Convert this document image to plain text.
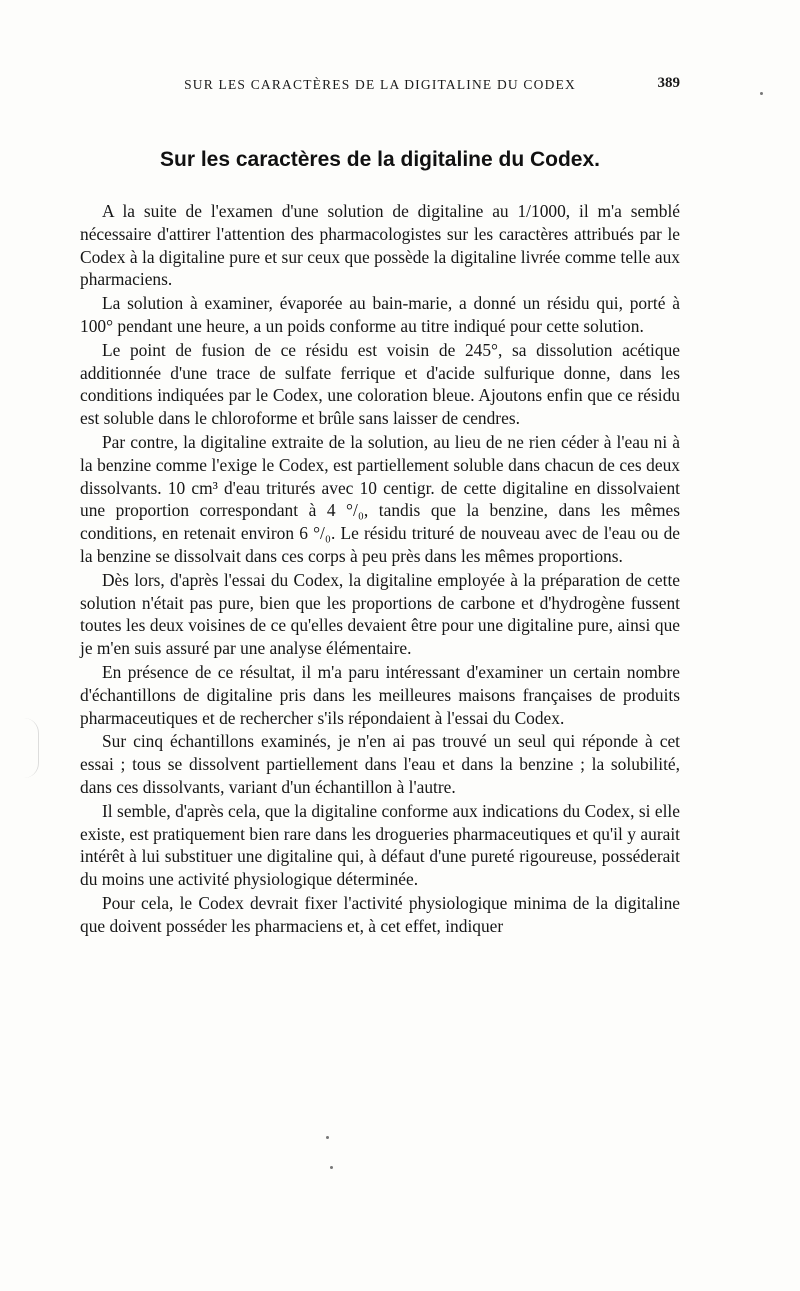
SUR LES CARACTÈRES DE LA DIGITALINE DU CODEX	389
Sur les caractères de la digitaline du Codex.

A la suite de l'examen d'une solution de digitaline au 1/1000, il m'a semblé nécessaire d'attirer l'attention des pharmacologistes sur les caractères attribués par le Codex à la digitaline pure et sur ceux que possède la digitaline livrée comme telle aux pharmaciens.

La solution à examiner, évaporée au bain-marie, a donné un résidu qui, porté à 100° pendant une heure, a un poids conforme au titre indiqué pour cette solution.

Le point de fusion de ce résidu est voisin de 245°, sa dissolution acétique additionnée d'une trace de sulfate ferrique et d'acide sulfurique donne, dans les conditions indiquées par le Codex, une coloration bleue. Ajoutons enfin que ce résidu est soluble dans le chloroforme et brûle sans laisser de cendres.

Par contre, la digitaline extraite de la solution, au lieu de ne rien céder à l'eau ni à la benzine comme l'exige le Codex, est partiellement soluble dans chacun de ces deux dissolvants. 10 cm³ d'eau triturés avec 10 centigr. de cette digitaline en dissolvaient une proportion correspondant à 4 °/₀, tandis que la benzine, dans les mêmes conditions, en retenait environ 6 °/₀. Le résidu trituré de nouveau avec de l'eau ou de la benzine se dissolvait dans ces corps à peu près dans les mêmes proportions.

Dès lors, d'après l'essai du Codex, la digitaline employée à la préparation de cette solution n'était pas pure, bien que les proportions de carbone et d'hydrogène fussent toutes les deux voisines de ce qu'elles devaient être pour une digitaline pure, ainsi que je m'en suis assuré par une analyse élémentaire.

En présence de ce résultat, il m'a paru intéressant d'examiner un certain nombre d'échantillons de digitaline pris dans les meilleures maisons françaises de produits pharmaceutiques et de rechercher s'ils répondaient à l'essai du Codex.

Sur cinq échantillons examinés, je n'en ai pas trouvé un seul qui réponde à cet essai ; tous se dissolvent partiellement dans l'eau et dans la benzine ; la solubilité, dans ces dissolvants, variant d'un échantillon à l'autre.

Il semble, d'après cela, que la digitaline conforme aux indications du Codex, si elle existe, est pratiquement bien rare dans les drogueries pharmaceutiques et qu'il y aurait intérêt à lui substituer une digitaline qui, à défaut d'une pureté rigoureuse, posséderait du moins une activité physiologique déterminée.

Pour cela, le Codex devrait fixer l'activité physiologique minima de la digitaline que doivent posséder les pharmaciens et, à cet effet, indiquer
